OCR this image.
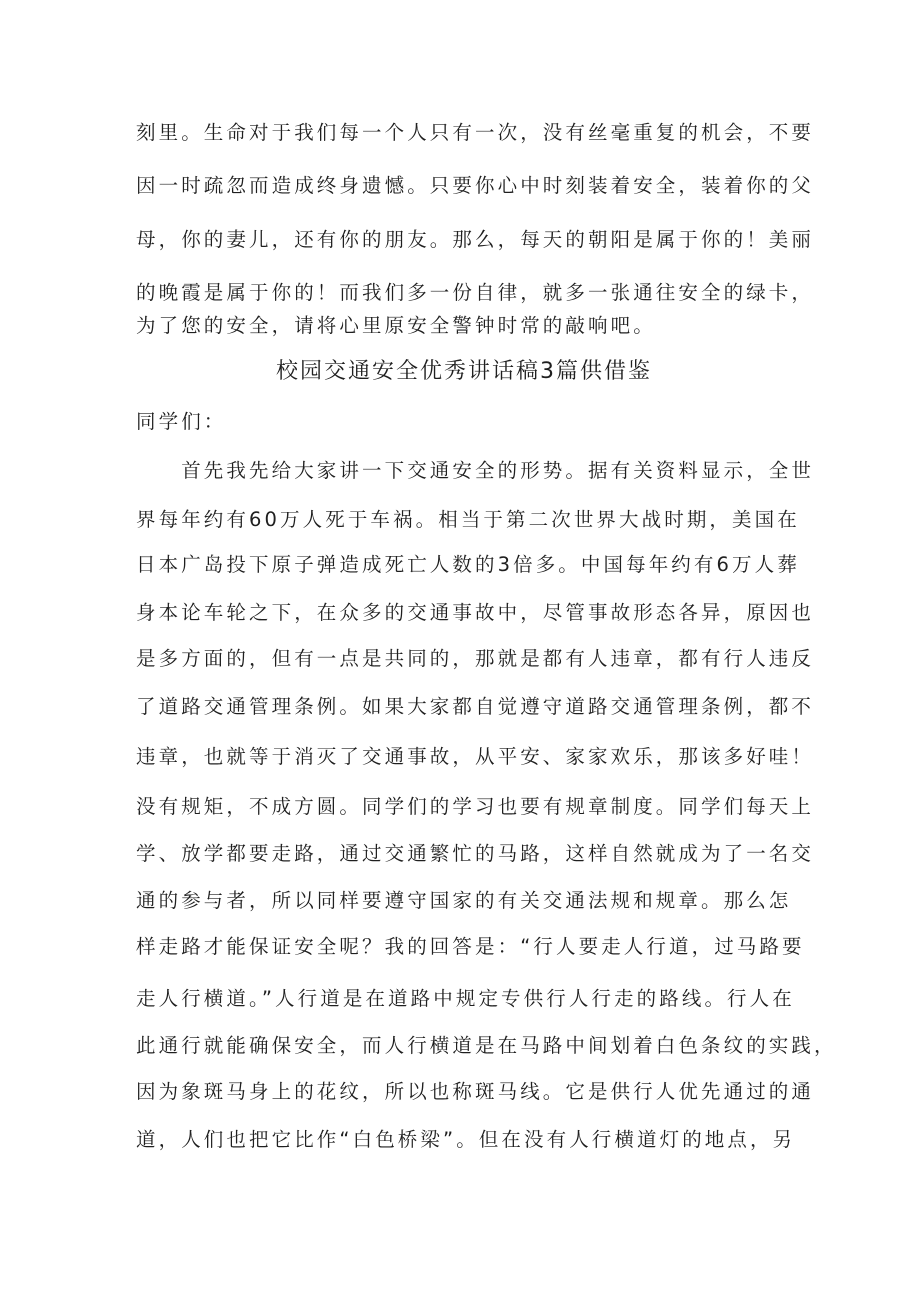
刻里。生命对于我们每一个人只有一次，没有丝毫重复的机会，不要
因一时疏忽而造成终身遗憾。只要你心中时刻装着安全，装着你的父
母，你的妻儿，还有你的朋友。那么，每天的朝阳是属于你的！美丽
的晚霞是属于你的！而我们多一份自律，就多一张通往安全的绿卡，
为了您的安全，请将心里原安全警钟时常的敲响吧。
校园交通安全优秀讲话稿3篇供借鉴
同学们：
　　首先我先给大家讲一下交通安全的形势。据有关资料显示，全世
界每年约有60万人死于车祸。相当于第二次世界大战时期，美国在
日本广岛投下原子弹造成死亡人数的3倍多。中国每年约有6万人葬
身本论车轮之下，在众多的交通事故中，尽管事故形态各异，原因也
是多方面的，但有一点是共同的，那就是都有人违章，都有行人违反
了道路交通管理条例。如果大家都自觉遵守道路交通管理条例，都不
违章，也就等于消灭了交通事故，从平安、家家欢乐，那该多好哇！
没有规矩，不成方圆。同学们的学习也要有规章制度。同学们每天上
学、放学都要走路，通过交通繁忙的马路，这样自然就成为了一名交
通的参与者，所以同样要遵守国家的有关交通法规和规章。那么怎
样走路才能保证安全呢？我的回答是：“行人要走人行道，过马路要
走人行横道。”人行道是在道路中规定专供行人行走的路线。行人在
此通行就能确保安全，而人行横道是在马路中间划着白色条纹的实践，
因为象斑马身上的花纹，所以也称斑马线。它是供行人优先通过的通
道，人们也把它比作“白色桥梁”。但在没有人行横道灯的地点，另
